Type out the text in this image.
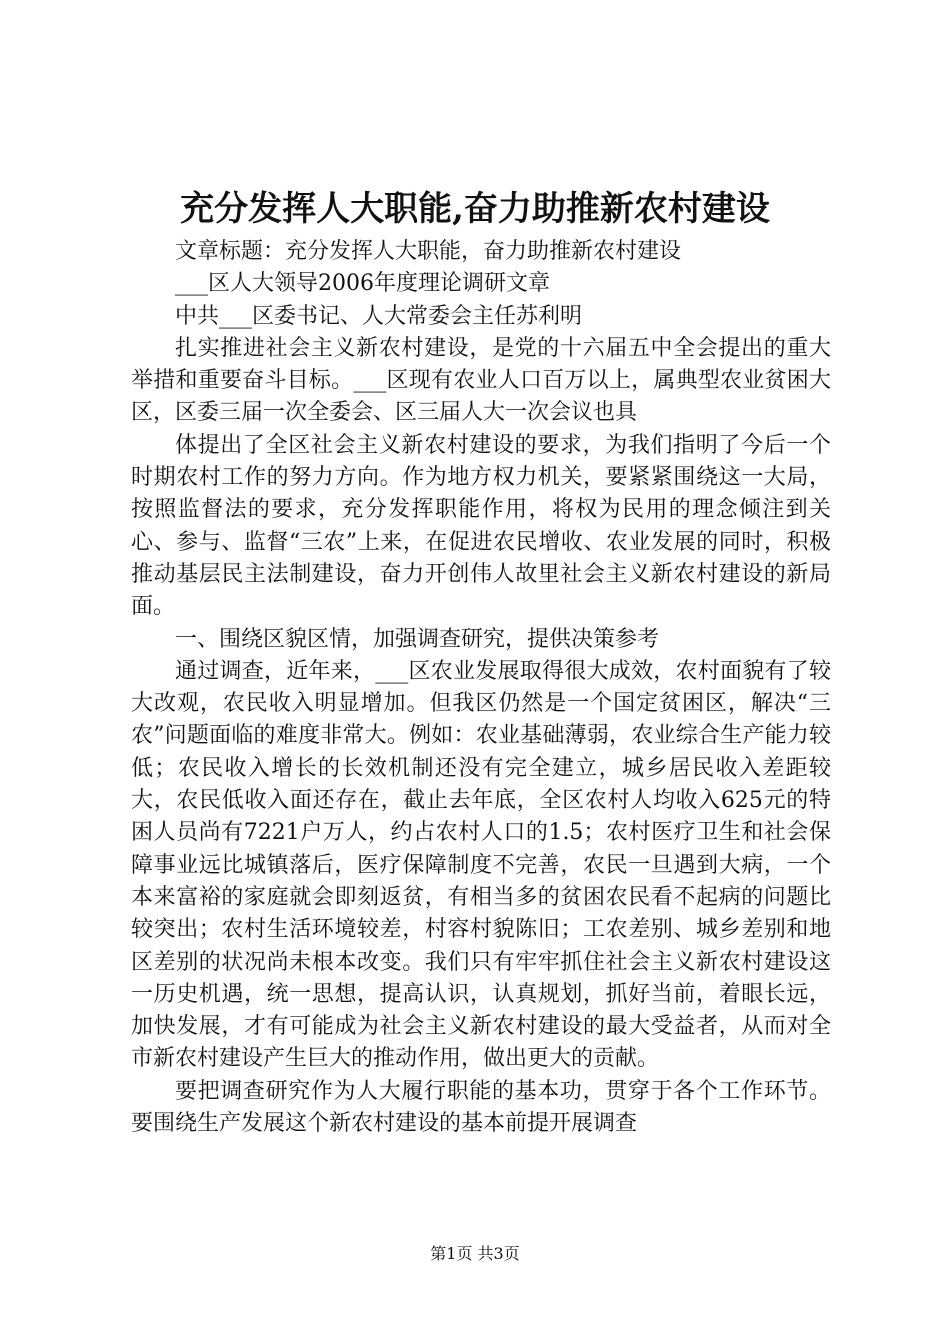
充分发挥人大职能,奋力助推新农村建设

文章标题：充分发挥人大职能，奋力助推新农村建设

___区人大领导2006年度理论调研文章

中共___区委书记、人大常委会主任苏利明

扎实推进社会主义新农村建设，是党的十六届五中全会提出的重大举措和重要奋斗目标。___区现有农业人口百万以上，属典型农业贫困大区，区委三届一次全委会、区三届人大一次会议也具

体提出了全区社会主义新农村建设的要求，为我们指明了今后一个时期农村工作的努力方向。作为地方权力机关，要紧紧围绕这一大局，按照监督法的要求，充分发挥职能作用，将权为民用的理念倾注到关心、参与、监督“三农”上来，在促进农民增收、农业发展的同时，积极推动基层民主法制建设，奋力开创伟人故里社会主义新农村建设的新局面。

一、围绕区貌区情，加强调查研究，提供决策参考

通过调查，近年来，___区农业发展取得很大成效，农村面貌有了较大改观，农民收入明显增加。但我区仍然是一个国定贫困区，解决“三农”问题面临的难度非常大。例如：农业基础薄弱，农业综合生产能力较低；农民收入增长的长效机制还没有完全建立，城乡居民收入差距较大，农民低收入面还存在，截止去年底，全区农村人均收入625元的特困人员尚有7221户万人，约占农村人口的1.5；农村医疗卫生和社会保障事业远比城镇落后，医疗保障制度不完善，农民一旦遇到大病，一个本来富裕的家庭就会即刻返贫，有相当多的贫困农民看不起病的问题比较突出；农村生活环境较差，村容村貌陈旧；工农差别、城乡差别和地区差别的状况尚未根本改变。我们只有牢牢抓住社会主义新农村建设这一历史机遇，统一思想，提高认识，认真规划，抓好当前，着眼长远，加快发展，才有可能成为社会主义新农村建设的最大受益者，从而对全市新农村建设产生巨大的推动作用，做出更大的贡献。

要把调查研究作为人大履行职能的基本功，贯穿于各个工作环节。要围绕生产发展这个新农村建设的基本前提开展调查

第1页 共3页
